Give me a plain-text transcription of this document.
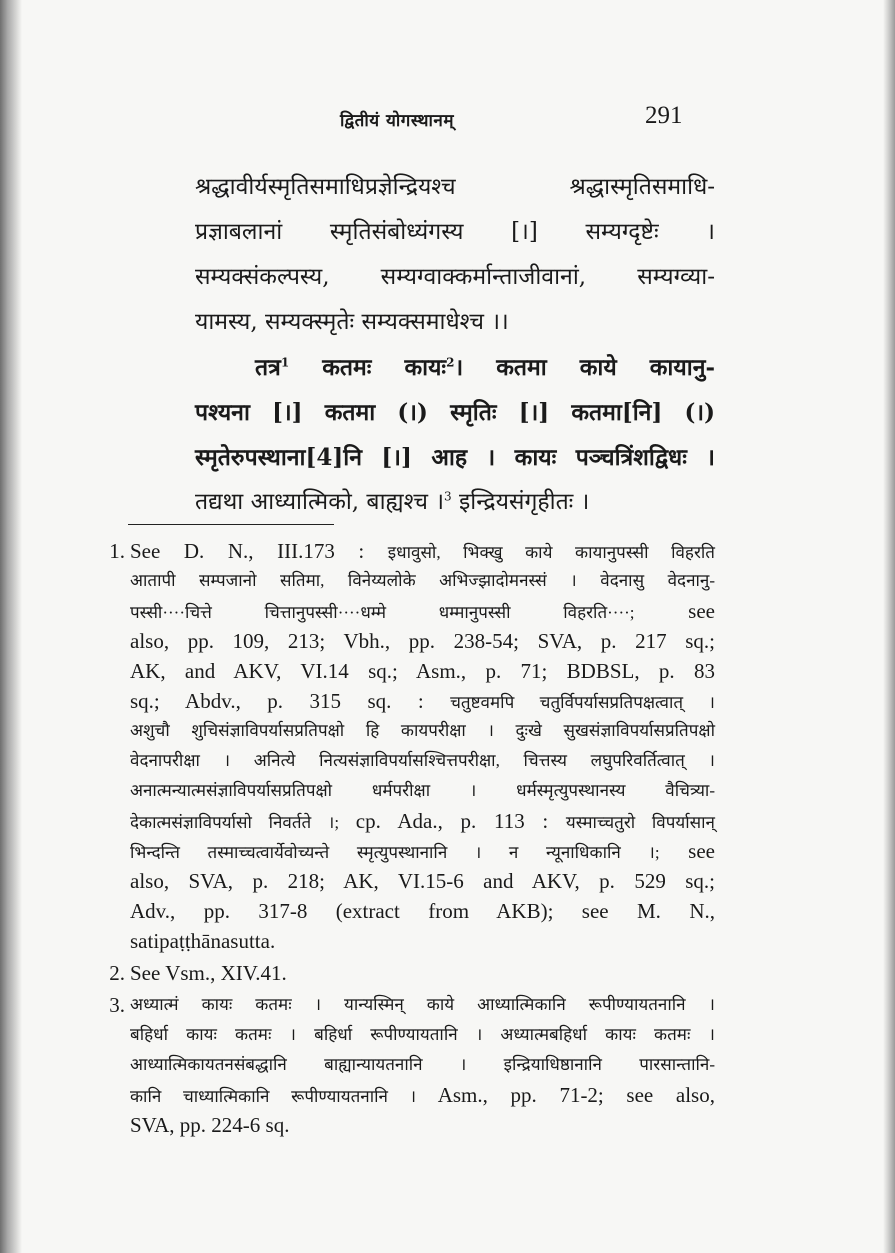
द्वितीयं योगस्थानम्	291
श्रद्धावीर्यस्मृतिसमाधिप्रज्ञेन्द्रियश्च श्रद्धास्मृतिसमाधि-
प्रज्ञाबलानां स्मृतिसंबोध्यंगस्य [।] सम्यग्दृष्टेः ।
सम्यक्संकल्पस्य, सम्यग्वाक्कर्मान्ताजीवानां, सम्यग्व्या-
यामस्य, सम्यक्स्मृतेः सम्यक्समाधेश्च ।।
तत्र$^1$ कतमः कायः$^2$। कतमा काये कायानु-
पश्यना [।] कतमा (।) स्मृतिः [।] कतमा[नि] (।)
स्मृतेरुपस्थाना[4]नि [।] आह । कायः पञ्चत्रिंशद्विधः ।
तद्यथा आध्यात्मिको, बाह्यश्च ।$^3$ इन्द्रियसंगृहीतः ।
1. See D. N., III.173 : इधावुसो, भिक्खु काये कायानुपस्सी विहरति
आतापी सम्पजानो सतिमा, विनेय्यलोके अभिज्झादोमनस्सं । वेदनासु वेदनानु-
पस्सी····चित्ते चित्तानुपस्सी····धम्मे धम्मानुपस्सी विहरति····; see
also, pp. 109, 213; Vbh., pp. 238-54; SVA, p. 217 sq.;
AK, and AKV, VI.14 sq.; Asm., p. 71; BDBSL, p. 83
sq.; Abdv., p. 315 sq. : चतुष्टवमपि चतुर्विपर्यासप्रतिपक्षत्वात् ।
अशुचौ शुचिसंज्ञाविपर्यासप्रतिपक्षो हि कायपरीक्षा । दुःखे सुखसंज्ञाविपर्यासप्रतिपक्षो
वेदनापरीक्षा । अनित्ये नित्यसंज्ञाविपर्यासश्चित्तपरीक्षा, चित्तस्य लघुपरिवर्तित्वात् ।
अनात्मन्यात्मसंज्ञाविपर्यासप्रतिपक्षो धर्मपरीक्षा । धर्मस्मृत्युपस्थानस्य वैचित्र्या-
देकात्मसंज्ञाविपर्यासो निवर्तते ।; cp. Ada., p. 113 : यस्माच्चतुरो विपर्यासान्
भिन्दन्ति तस्माच्चत्वार्येवोच्यन्ते स्मृत्युपस्थानानि । न न्यूनाधिकानि ।; see
also, SVA, p. 218; AK, VI.15-6 and AKV, p. 529 sq.;
Adv., pp. 317-8 (extract from AKB); see M. N.,
satipaṭṭhānasutta.
2. See Vsm., XIV.41.
3. अध्यात्मं कायः कतमः । यान्यस्मिन् काये आध्यात्मिकानि रूपीण्यायतनानि ।
बहिर्धा कायः कतमः । बहिर्धा रूपीण्यायतानि । अध्यात्मबहिर्धा कायः कतमः ।
आध्यात्मिकायतनसंबद्धानि बाह्यान्यायतनानि । इन्द्रियाधिष्ठानानि पारसान्तानि-
कानि चाध्यात्मिकानि रूपीण्यायतनानि । Asm., pp. 71-2; see also,
SVA, pp. 224-6 sq.
